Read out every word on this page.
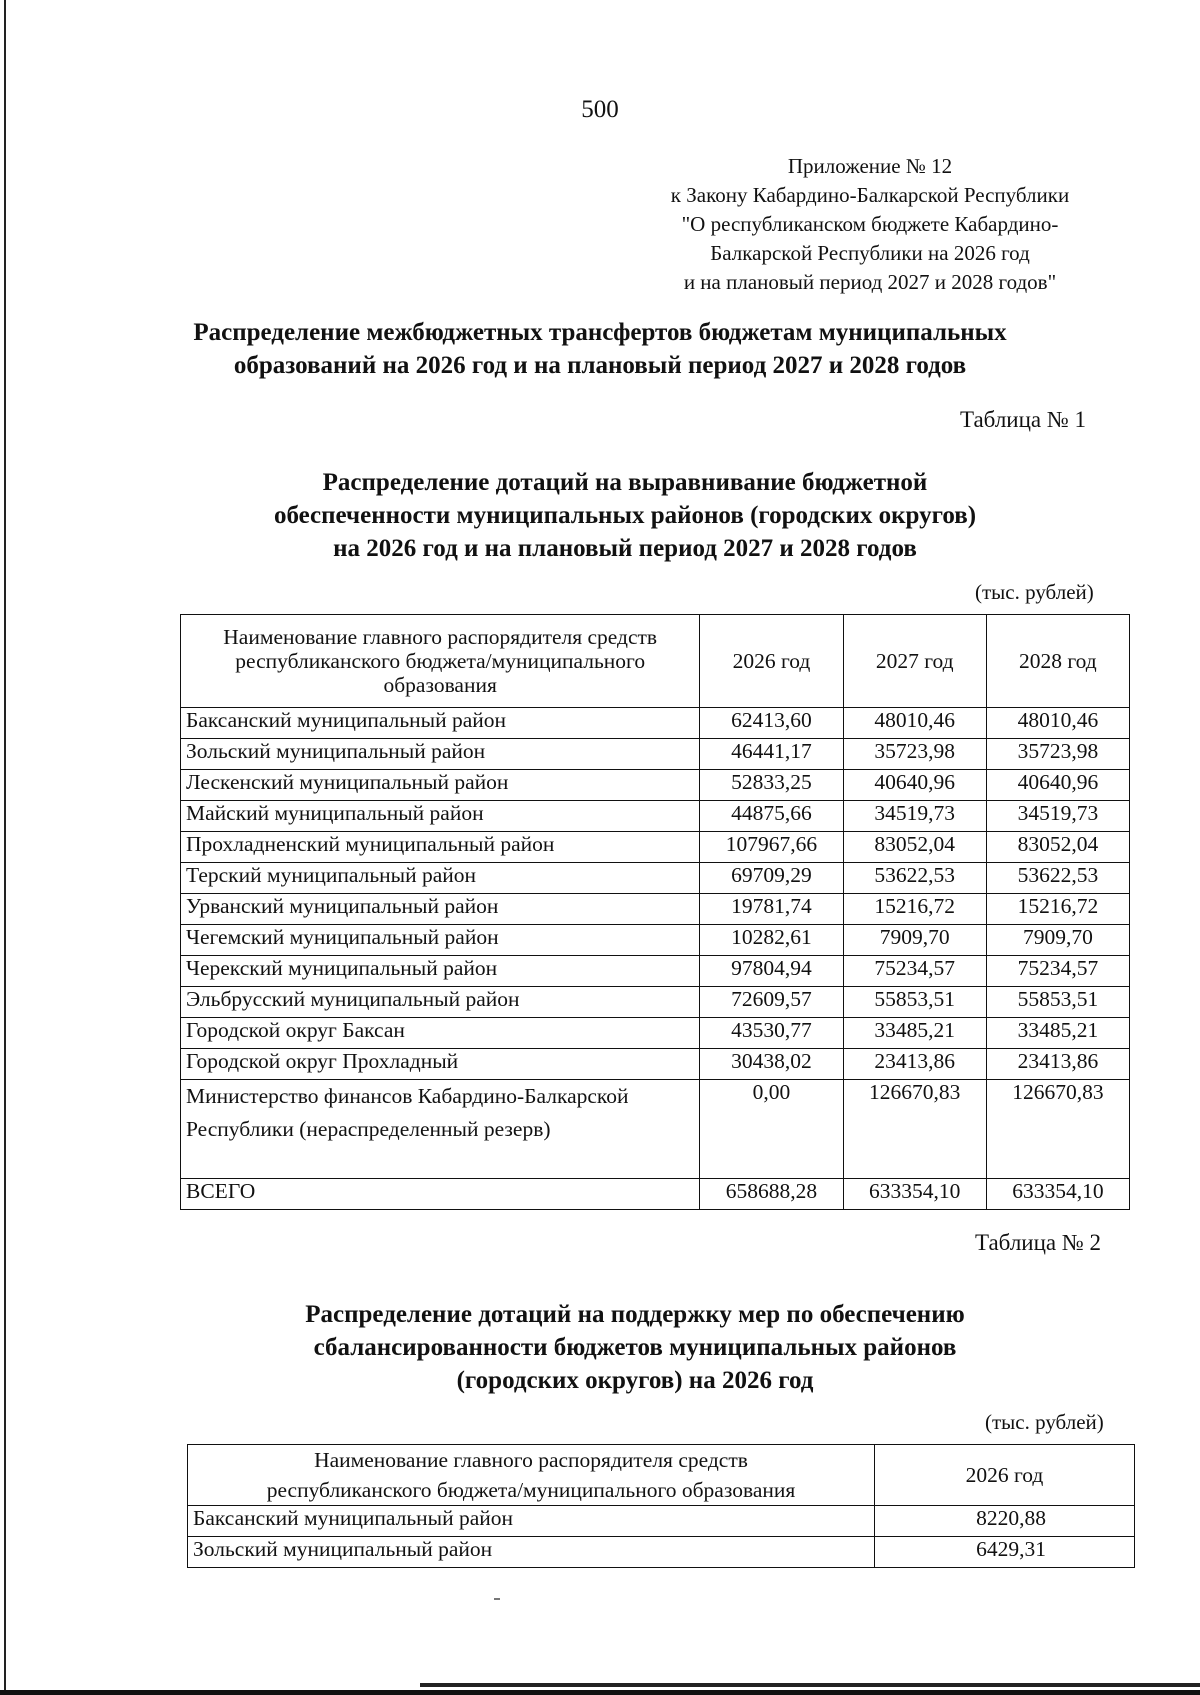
500
Приложение № 12
к Закону Кабардино-Балкарской Республики
"О республиканском бюджете Кабардино-
Балкарской Республики на 2026 год
и на плановый период 2027 и 2028 годов"
Распределение межбюджетных трансфертов бюджетам муниципальных
образований на 2026 год и на плановый период 2027 и 2028 годов
Таблица № 1
Распределение дотаций на выравнивание бюджетной
обеспеченности муниципальных районов (городских округов)
на 2026 год и на плановый период 2027 и 2028 годов
(тыс. рублей)
Наименование главного распорядителя средств республиканского бюджета/муниципального образования	2026 год	2027 год	2028 год
Баксанский муниципальный район	62413,60	48010,46	48010,46
Зольский муниципальный район	46441,17	35723,98	35723,98
Лескенский муниципальный район	52833,25	40640,96	40640,96
Майский муниципальный район	44875,66	34519,73	34519,73
Прохладненский муниципальный район	107967,66	83052,04	83052,04
Терский муниципальный район	69709,29	53622,53	53622,53
Урванский муниципальный район	19781,74	15216,72	15216,72
Чегемский муниципальный район	10282,61	7909,70	7909,70
Черекский муниципальный район	97804,94	75234,57	75234,57
Эльбрусский муниципальный район	72609,57	55853,51	55853,51
Городской округ Баксан	43530,77	33485,21	33485,21
Городской округ Прохладный	30438,02	23413,86	23413,86
Министерство финансов Кабардино-Балкарской Республики (нераспределенный резерв)	0,00	126670,83	126670,83
ВСЕГО	658688,28	633354,10	633354,10
Таблица № 2
Распределение дотаций на поддержку мер по обеспечению
сбалансированности бюджетов муниципальных районов
(городских округов) на 2026 год
(тыс. рублей)
Наименование главного распорядителя средств
республиканского бюджета/муниципального образования	2026 год
Баксанский муниципальный район	8220,88
Зольский муниципальный район	6429,31
